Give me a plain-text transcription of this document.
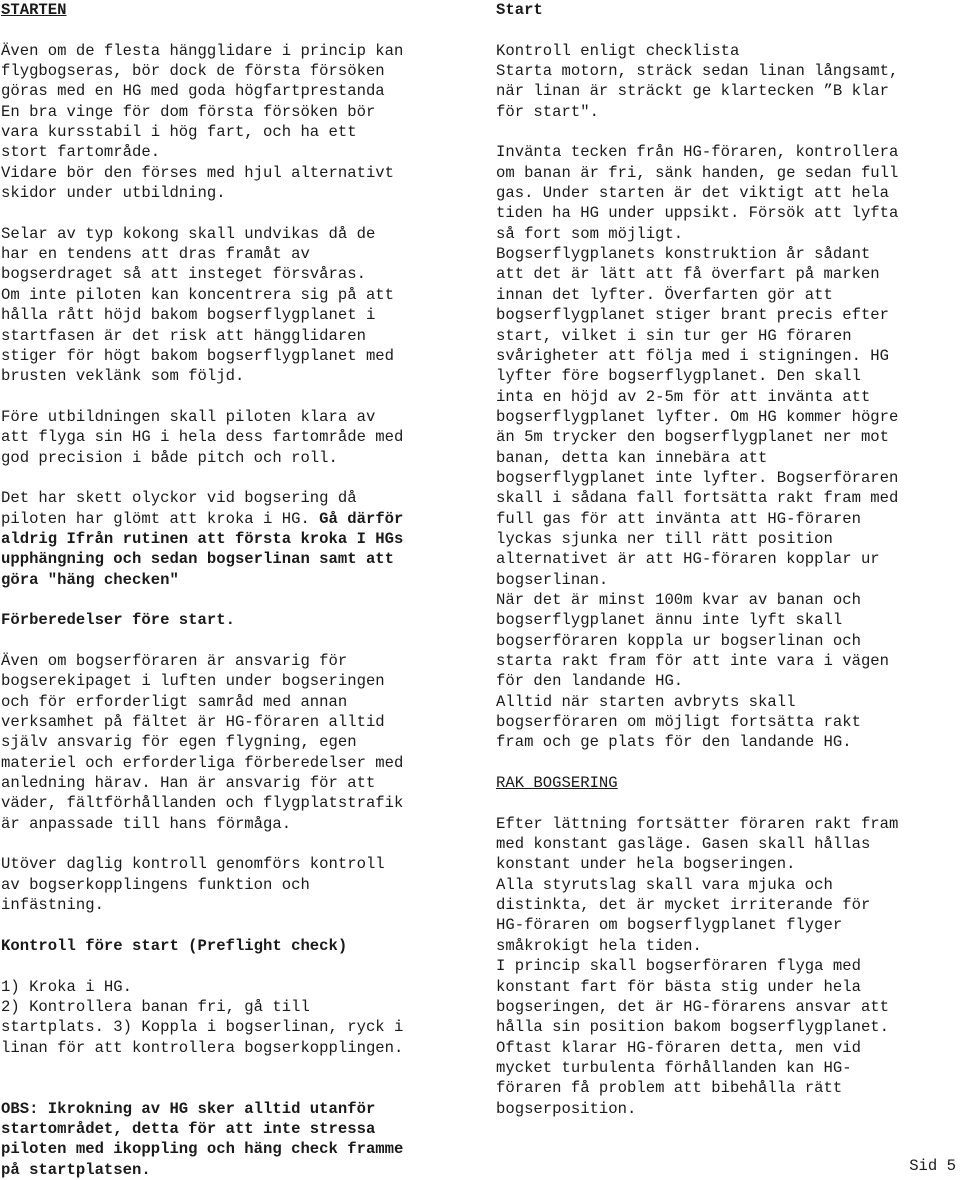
STARTEN
Även om de flesta hängglidare i princip kan
flygbogseras, bör dock de första försöken
göras med en HG med goda högfartprestanda
En bra vinge för dom första försöken bör
vara kursstabil i hög fart, och ha ett
stort fartområde.
Vidare bör den förses med hjul alternativt
skidor under utbildning.
Selar av typ kokong skall undvikas då de
har en tendens att dras framåt av
bogserdraget så att insteget försvåras.
Om inte piloten kan koncentrera sig på att
hålla rått höjd bakom bogserflygplanet i
startfasen är det risk att hängglidaren
stiger för högt bakom bogserflygplanet med
brusten veklänk som följd.
Före utbildningen skall piloten klara av
att flyga sin HG i hela dess fartområde med
god precision i både pitch och roll.
Det har skett olyckor vid bogsering då
piloten har glömt att kroka i HG. Gå därför
aldrig Ifrån rutinen att första kroka I HGs
upphängning och sedan bogserlinan samt att
göra "häng checken"
Förberedelser före start.
Även om bogserföraren är ansvarig för
bogserekipaget i luften under bogseringen
och för erforderligt samråd med annan
verksamhet på fältet är HG-föraren alltid
själv ansvarig för egen flygning, egen
materiel och erforderliga förberedelser med
anledning härav. Han är ansvarig för att
väder, fältförhållanden och flygplatstrafik
är anpassade till hans förmåga.
Utöver daglig kontroll genomförs kontroll
av bogserkopplingens funktion och
infästning.
Kontroll före start (Preflight check)
1) Kroka i HG.
2) Kontrollera banan fri, gå till
startplats. 3) Koppla i bogserlinan, ryck i
linan för att kontrollera bogserkopplingen.
OBS: Ikrokning av HG sker alltid utanför
startområdet, detta för att inte stressa
piloten med ikoppling och häng check framme
på startplatsen.
Start
Kontroll enligt checklista
Starta motorn, sträck sedan linan långsamt,
när linan är sträckt ge klartecken ”B klar
för start".
Invänta tecken från HG-föraren, kontrollera
om banan är fri, sänk handen, ge sedan full
gas. Under starten är det viktigt att hela
tiden ha HG under uppsikt. Försök att lyfta
så fort som möjligt.
Bogserflygplanets konstruktion år sådant
att det är lätt att få överfart på marken
innan det lyfter. Överfarten gör att
bogserflygplanet stiger brant precis efter
start, vilket i sin tur ger HG föraren
svårigheter att följa med i stigningen. HG
lyfter före bogserflygplanet. Den skall
inta en höjd av 2-5m för att invänta att
bogserflygplanet lyfter. Om HG kommer högre
än 5m trycker den bogserflygplanet ner mot
banan, detta kan innebära att
bogserflygplanet inte lyfter. Bogserföraren
skall i sådana fall fortsätta rakt fram med
full gas för att invänta att HG-föraren
lyckas sjunka ner till rätt position
alternativet är att HG-föraren kopplar ur
bogserlinan.
När det är minst 100m kvar av banan och
bogserflygplanet ännu inte lyft skall
bogserföraren koppla ur bogserlinan och
starta rakt fram för att inte vara i vägen
för den landande HG.
Alltid när starten avbryts skall
bogserföraren om möjligt fortsätta rakt
fram och ge plats för den landande HG.
RAK BOGSERING
Efter lättning fortsätter föraren rakt fram
med konstant gasläge. Gasen skall hållas
konstant under hela bogseringen.
Alla styrutslag skall vara mjuka och
distinkta, det är mycket irriterande för
HG-föraren om bogserflygplanet flyger
småkrokigt hela tiden.
I princip skall bogserföraren flyga med
konstant fart för bästa stig under hela
bogseringen, det är HG-förarens ansvar att
hålla sin position bakom bogserflygplanet.
Oftast klarar HG-föraren detta, men vid
mycket turbulenta förhållanden kan HG-
föraren få problem att bibehålla rätt
bogserposition.
Sid 5
